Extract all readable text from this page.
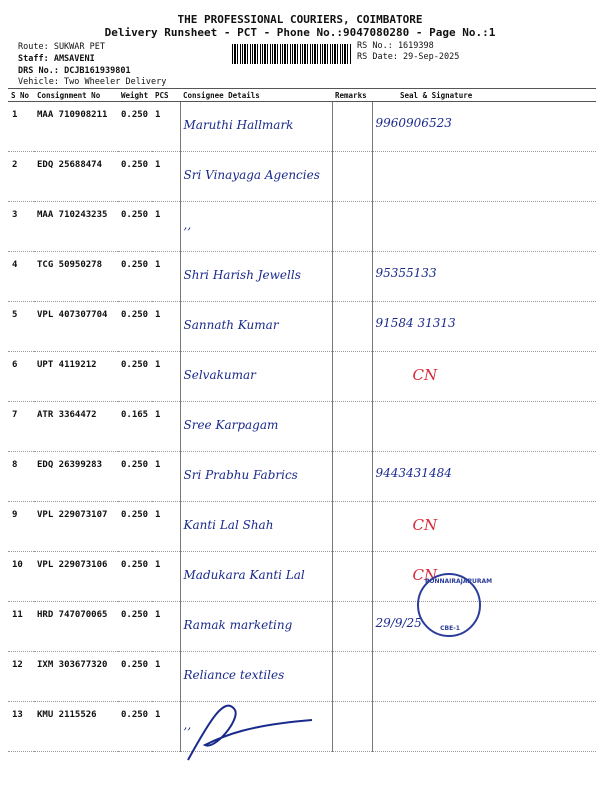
THE PROFESSIONAL COURIERS, COIMBATORE
Delivery Runsheet - PCT - Phone No.:9047080280 - Page No.:1
Route: SUKWAR PET
Staff: AMSAVENI
DRS No.: DCJB161939801
Vehicle: Two Wheeler Delivery
RS No.: 1619398
RS Date: 29-Sep-2025
S No	Consignment No	Weight	PCS	Consignee Details	Remarks	Seal & Signature
1	MAA 710908211	0.250	1	Maruthi Hallmark		9960906523
2	EDQ 25688474	0.250	1	Sri Vinayaga Agencies		
3	MAA 710243235	0.250	1	,,		
4	TCG 50950278	0.250	1	Shri Harish Jewells		95355133
5	VPL 407307704	0.250	1	Sannath Kumar		91584 31313
6	UPT 4119212	0.250	1	Selvakumar		CN
7	ATR 3364472	0.165	1	Sree Karpagam		
8	EDQ 26399283	0.250	1	Sri Prabhu Fabrics		9443431484
9	VPL 229073107	0.250	1	Kanti Lal Shah		CN
10	VPL 229073106	0.250	1	Madukara Kanti Lal		CN
11	HRD 747070065	0.250	1	Ramak marketing		29/9/25
12	IXM 303677320	0.250	1	Reliance textiles		
13	KMU 2115526	0.250	1	,,		
PONNAIRAJAPURAM
CBE-1
